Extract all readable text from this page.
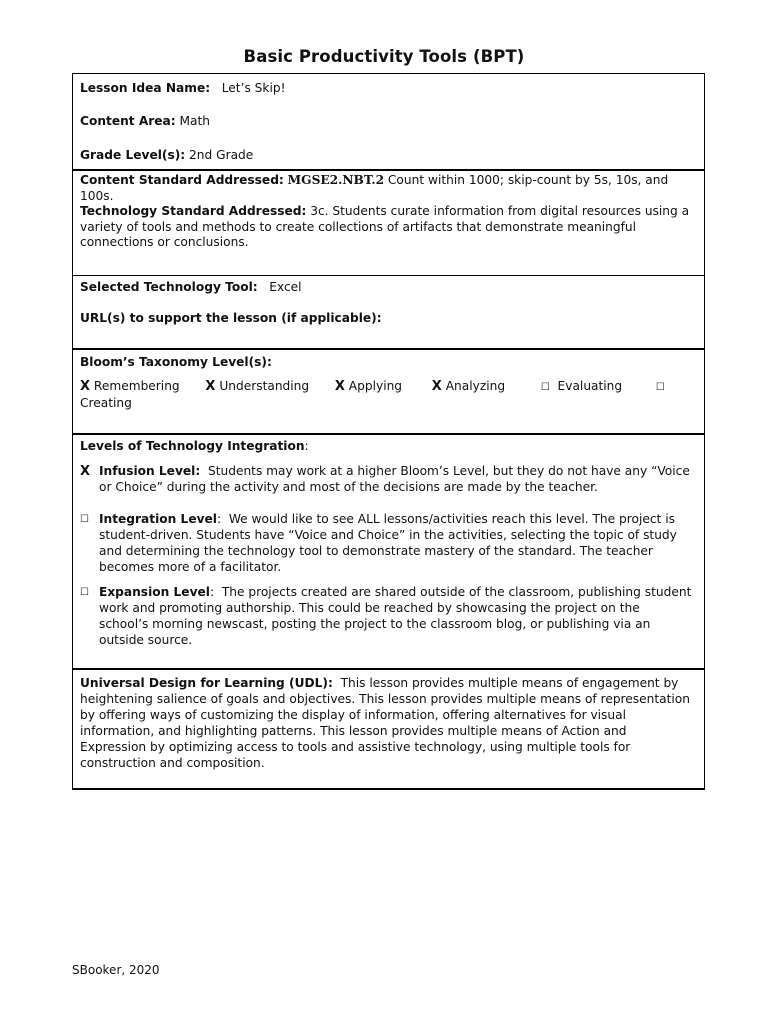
Basic Productivity Tools (BPT)
Lesson Idea Name: Let’s Skip!
Content Area: Math
Grade Level(s): 2nd Grade
Content Standard Addressed: MGSE2.NBT.2 Count within 1000; skip-count by 5s, 10s, and 100s.
Technology Standard Addressed: 3c. Students curate information from digital resources using a
variety of tools and methods to create collections of artifacts that demonstrate meaningful
connections or conclusions.
Selected Technology Tool: Excel
URL(s) to support the lesson (if applicable):
Bloom’s Taxonomy Level(s):
X Remembering X Understanding X Applying X Analyzing	☐ Evaluating	☐
Creating
Levels of Technology Integration:
X Infusion Level: Students may work at a higher Bloom’s Level, but they do not have any “Voice
or Choice” during the activity and most of the decisions are made by the teacher.
☐ Integration Level: We would like to see ALL lessons/activities reach this level. The project is
student-driven. Students have “Voice and Choice” in the activities, selecting the topic of study
and determining the technology tool to demonstrate mastery of the standard. The teacher
becomes more of a facilitator.
☐ Expansion Level: The projects created are shared outside of the classroom, publishing student
work and promoting authorship. This could be reached by showcasing the project on the
school’s morning newscast, posting the project to the classroom blog, or publishing via an
outside source.
Universal Design for Learning (UDL): This lesson provides multiple means of engagement by
heightening salience of goals and objectives. This lesson provides multiple means of representation
by offering ways of customizing the display of information, offering alternatives for visual
information, and highlighting patterns. This lesson provides multiple means of Action and
Expression by optimizing access to tools and assistive technology, using multiple tools for
construction and composition.
SBooker, 2020
